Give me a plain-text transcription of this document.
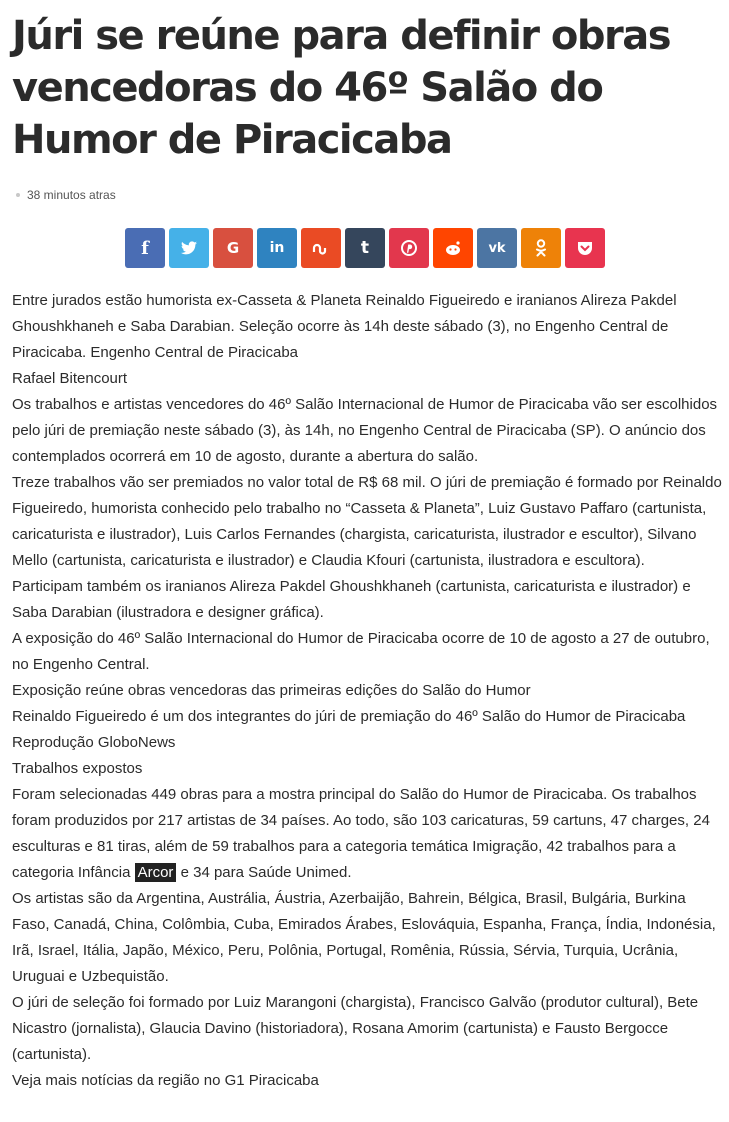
Júri se reúne para definir obras vencedoras do 46º Salão do Humor de Piracicaba
38 minutos atras
f	G in	t	vk

Entre jurados estão humorista ex-Casseta & Planeta Reinaldo Figueiredo e iranianos Alireza Pakdel Ghoushkhaneh e Saba Darabian. Seleção ocorre às 14h deste sábado (3), no Engenho Central de Piracicaba. Engenho Central de Piracicaba

Rafael Bitencourt

Os trabalhos e artistas vencedores do 46º Salão Internacional de Humor de Piracicaba vão ser escolhidos pelo júri de premiação neste sábado (3), às 14h, no Engenho Central de Piracicaba (SP). O anúncio dos contemplados ocorrerá em 10 de agosto, durante a abertura do salão.

Treze trabalhos vão ser premiados no valor total de R$ 68 mil. O júri de premiação é formado por Reinaldo Figueiredo, humorista conhecido pelo trabalho no “Casseta & Planeta”, Luiz Gustavo Paffaro (cartunista, caricaturista e ilustrador), Luis Carlos Fernandes (chargista, caricaturista, ilustrador e escultor), Silvano Mello (cartunista, caricaturista e ilustrador) e Claudia Kfouri (cartunista, ilustradora e escultora).

Participam também os iranianos Alireza Pakdel Ghoushkhaneh (cartunista, caricaturista e ilustrador) e Saba Darabian (ilustradora e designer gráfica).

A exposição do 46º Salão Internacional do Humor de Piracicaba ocorre de 10 de agosto a 27 de outubro, no Engenho Central.

Exposição reúne obras vencedoras das primeiras edições do Salão do Humor

Reinaldo Figueiredo é um dos integrantes do júri de premiação do 46º Salão do Humor de Piracicaba

Reprodução GloboNews

Trabalhos expostos

Foram selecionadas 449 obras para a mostra principal do Salão do Humor de Piracicaba. Os trabalhos foram produzidos por 217 artistas de 34 países. Ao todo, são 103 caricaturas, 59 cartuns, 47 charges, 24 esculturas e 81 tiras, além de 59 trabalhos para a categoria temática Imigração, 42 trabalhos para a categoria Infância Arcor e 34 para Saúde Unimed.

Os artistas são da Argentina, Austrália, Áustria, Azerbaijão, Bahrein, Bélgica, Brasil, Bulgária, Burkina Faso, Canadá, China, Colômbia, Cuba, Emirados Árabes, Eslováquia, Espanha, França, Índia, Indonésia, Irã, Israel, Itália, Japão, México, Peru, Polônia, Portugal, Romênia, Rússia, Sérvia, Turquia, Ucrânia, Uruguai e Uzbequistão.

O júri de seleção foi formado por Luiz Marangoni (chargista), Francisco Galvão (produtor cultural), Bete Nicastro (jornalista), Glaucia Davino (historiadora), Rosana Amorim (cartunista) e Fausto Bergocce (cartunista).

Veja mais notícias da região no G1 Piracicaba
